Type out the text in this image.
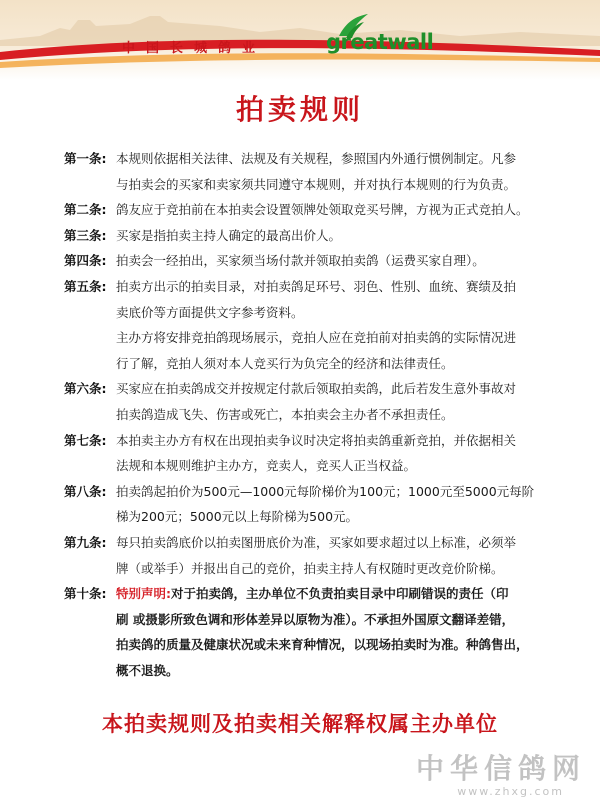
中国长城鸽业	greatwall
拍卖规则
第一条: 本规则依据相关法律、法规及有关规程，参照国内外通行惯例制定。凡参
与拍卖会的买家和卖家须共同遵守本规则，并对执行本规则的行为负责。
第二条: 鸽友应于竞拍前在本拍卖会设置领牌处领取竞买号牌，方视为正式竞拍人。
第三条: 买家是指拍卖主持人确定的最高出价人。
第四条: 拍卖会一经拍出，买家须当场付款并领取拍卖鸽（运费买家自理）。
第五条: 拍卖方出示的拍卖目录，对拍卖鸽足环号、羽色、性别、血统、赛绩及拍
卖底价等方面提供文字参考资料。
主办方将安排竞拍鸽现场展示，竞拍人应在竞拍前对拍卖鸽的实际情况进
行了解，竞拍人须对本人竞买行为负完全的经济和法律责任。
第六条: 买家应在拍卖鸽成交并按规定付款后领取拍卖鸽，此后若发生意外事故对
拍卖鸽造成飞失、伤害或死亡，本拍卖会主办者不承担责任。
第七条: 本拍卖主办方有权在出现拍卖争议时决定将拍卖鸽重新竞拍，并依据相关
法规和本规则维护主办方，竞卖人，竞买人正当权益。
第八条: 拍卖鸽起拍价为500元—1000元每阶梯价为100元；1000元至5000元每阶
梯为200元；5000元以上每阶梯为500元。
第九条: 每只拍卖鸽底价以拍卖图册底价为准，买家如要求超过以上标准，必须举
牌（或举手）并报出自己的竞价，拍卖主持人有权随时更改竞价阶梯。
第十条: 特别声明:对于拍卖鸽，主办单位不负责拍卖目录中印刷错误的责任（印
刷 或摄影所致色调和形体差异以原物为准）。不承担外国原文翻译差错，
拍卖鸽的质量及健康状况或未来育种情况，以现场拍卖时为准。种鸽售出，
概不退换。
本拍卖规则及拍卖相关解释权属主办单位
中华信鸽网
www.zhxg.com
